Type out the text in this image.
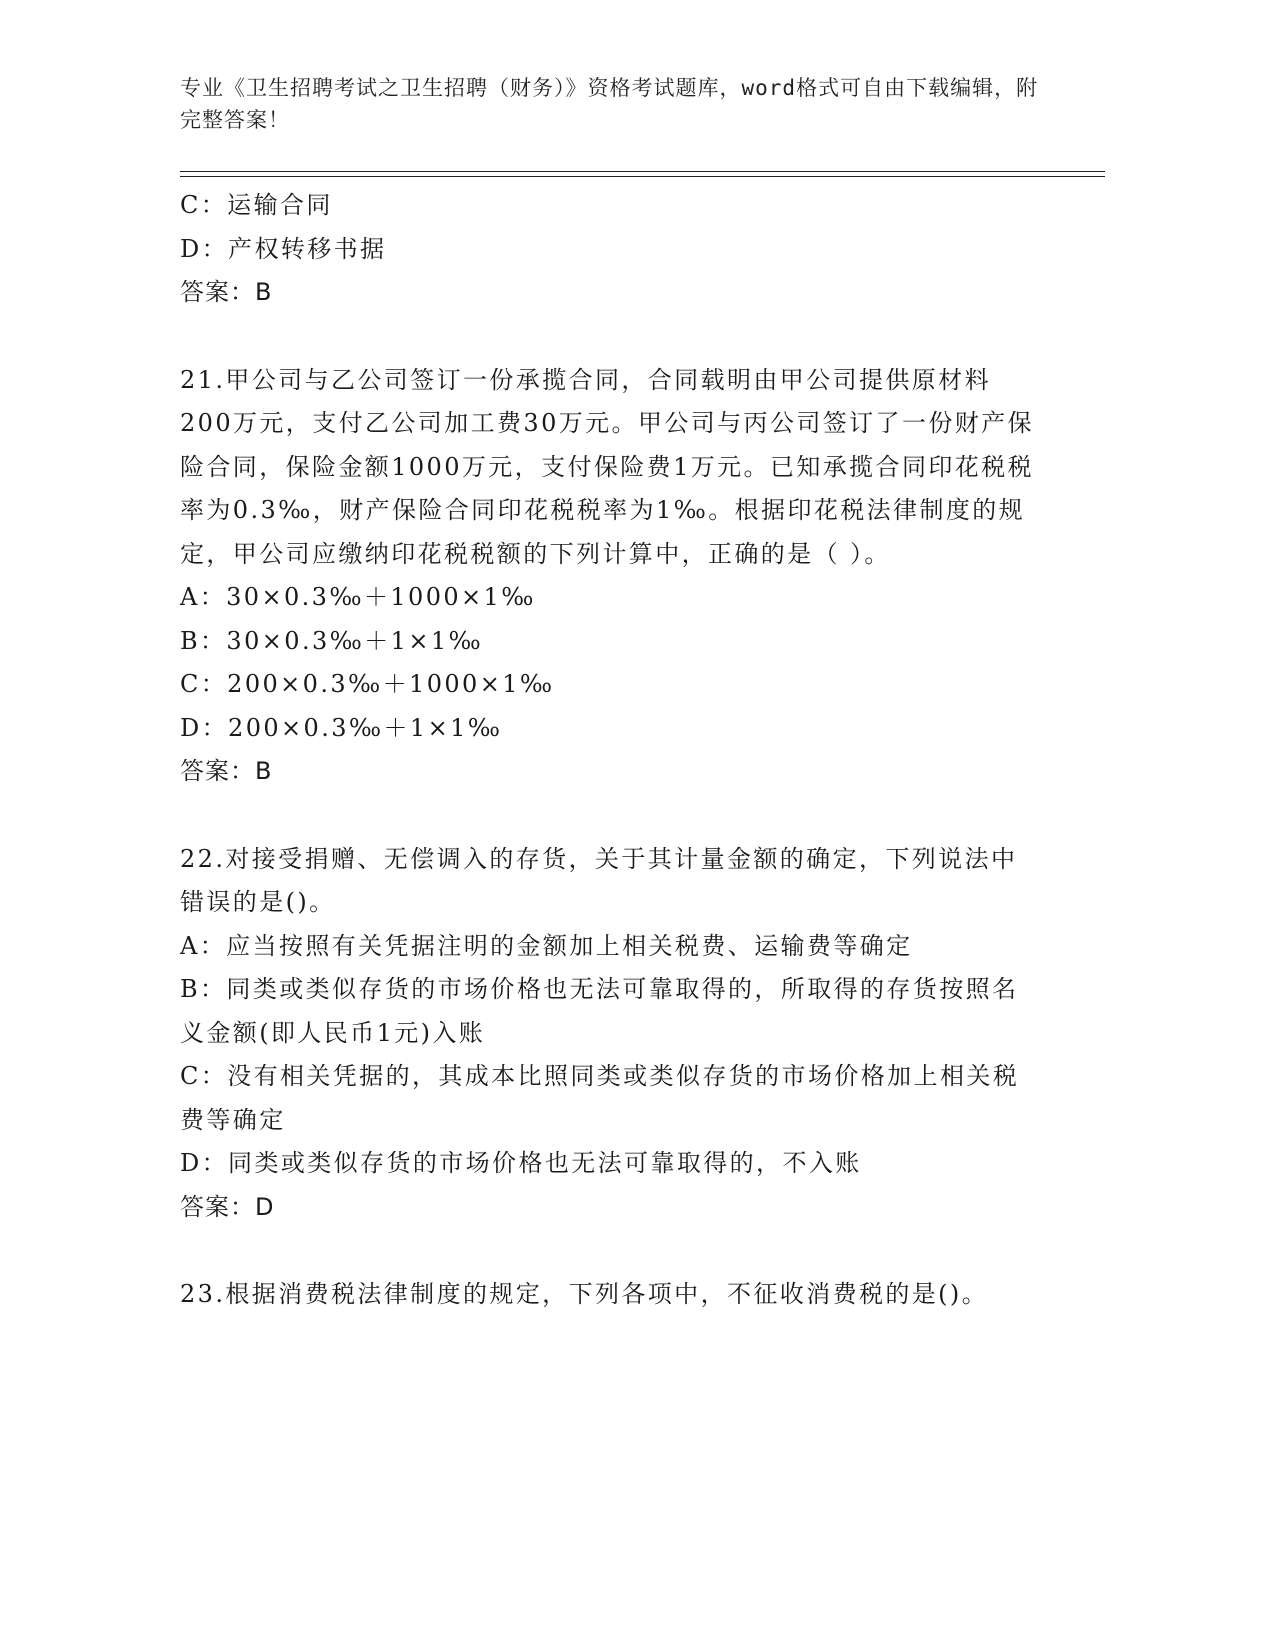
专业《卫生招聘考试之卫生招聘（财务）》资格考试题库，word格式可自由下载编辑，附完整答案！
C：运输合同
D：产权转移书据
答案：B
21.甲公司与乙公司签订一份承揽合同，合同载明由甲公司提供原材料200万元，支付乙公司加工费30万元。甲公司与丙公司签订了一份财产保险合同，保险金额1000万元，支付保险费1万元。已知承揽合同印花税税率为0.3‰，财产保险合同印花税税率为1‰。根据印花税法律制度的规定，甲公司应缴纳印花税税额的下列计算中，正确的是（ ）。
A：30×0.3‰＋1000×1‰
B：30×0.3‰＋1×1‰
C：200×0.3‰＋1000×1‰
D：200×0.3‰＋1×1‰
答案：B
22.对接受捐赠、无偿调入的存货，关于其计量金额的确定，下列说法中错误的是()。
A：应当按照有关凭据注明的金额加上相关税费、运输费等确定
B：同类或类似存货的市场价格也无法可靠取得的，所取得的存货按照名义金额(即人民币1元)入账
C：没有相关凭据的，其成本比照同类或类似存货的市场价格加上相关税费等确定
D：同类或类似存货的市场价格也无法可靠取得的，不入账
答案：D
23.根据消费税法律制度的规定，下列各项中，不征收消费税的是()。
